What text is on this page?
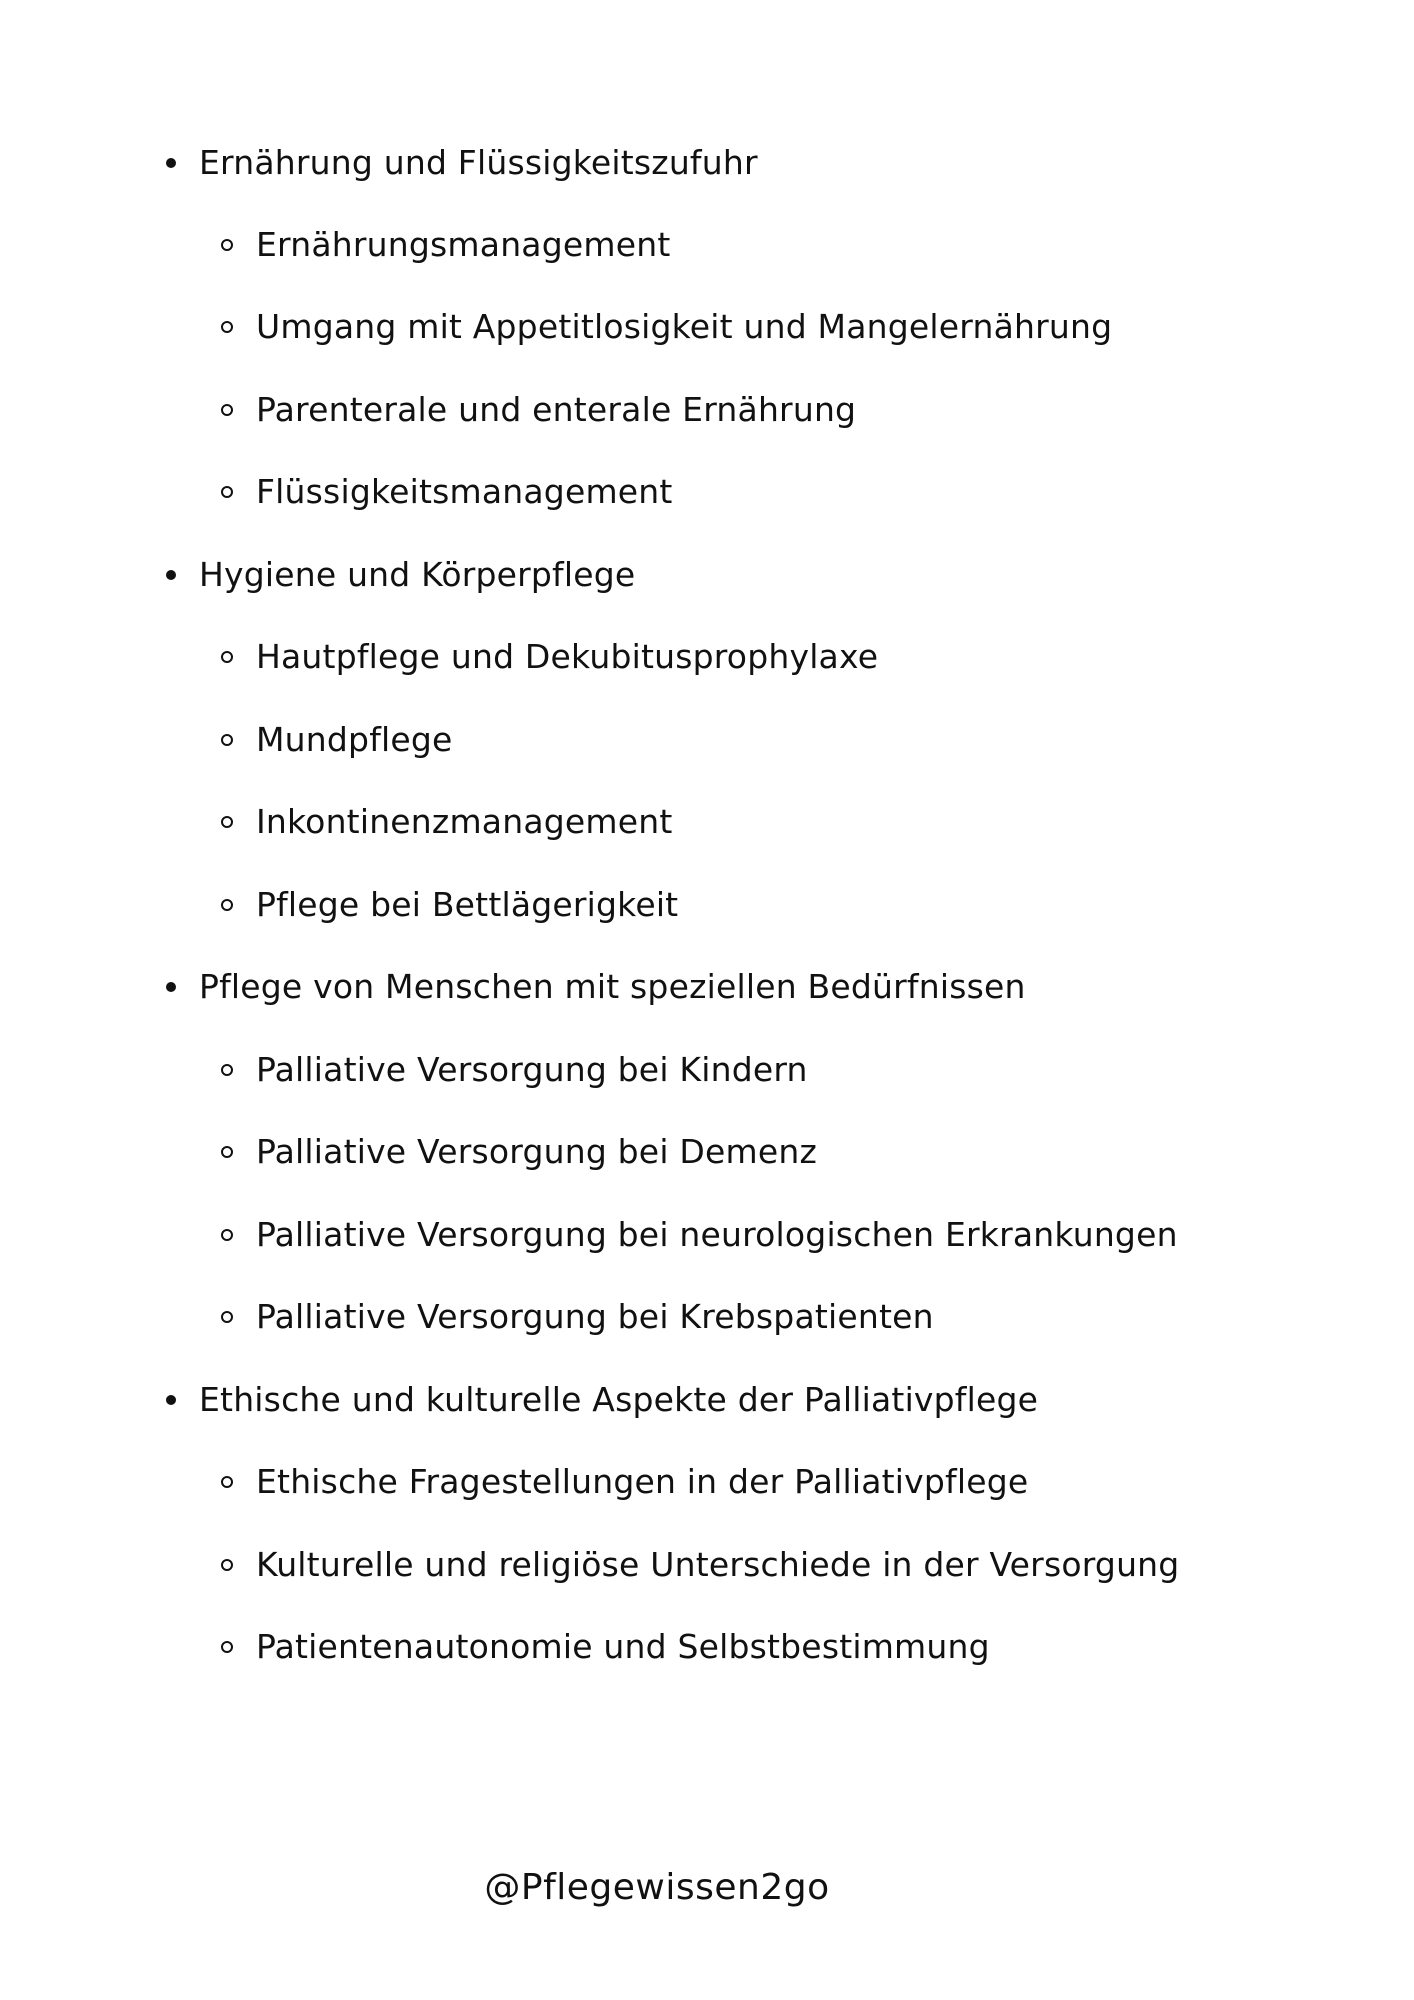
Ernährung und Flüssigkeitszufuhr
Ernährungsmanagement
Umgang mit Appetitlosigkeit und Mangelernährung
Parenterale und enterale Ernährung
Flüssigkeitsmanagement
Hygiene und Körperpflege
Hautpflege und Dekubitusprophylaxe
Mundpflege
Inkontinenzmanagement
Pflege bei Bettlägerigkeit
Pflege von Menschen mit speziellen Bedürfnissen
Palliative Versorgung bei Kindern
Palliative Versorgung bei Demenz
Palliative Versorgung bei neurologischen Erkrankungen
Palliative Versorgung bei Krebspatienten
Ethische und kulturelle Aspekte der Palliativpflege
Ethische Fragestellungen in der Palliativpflege
Kulturelle und religiöse Unterschiede in der Versorgung
Patientenautonomie und Selbstbestimmung
@Pflegewissen2go
